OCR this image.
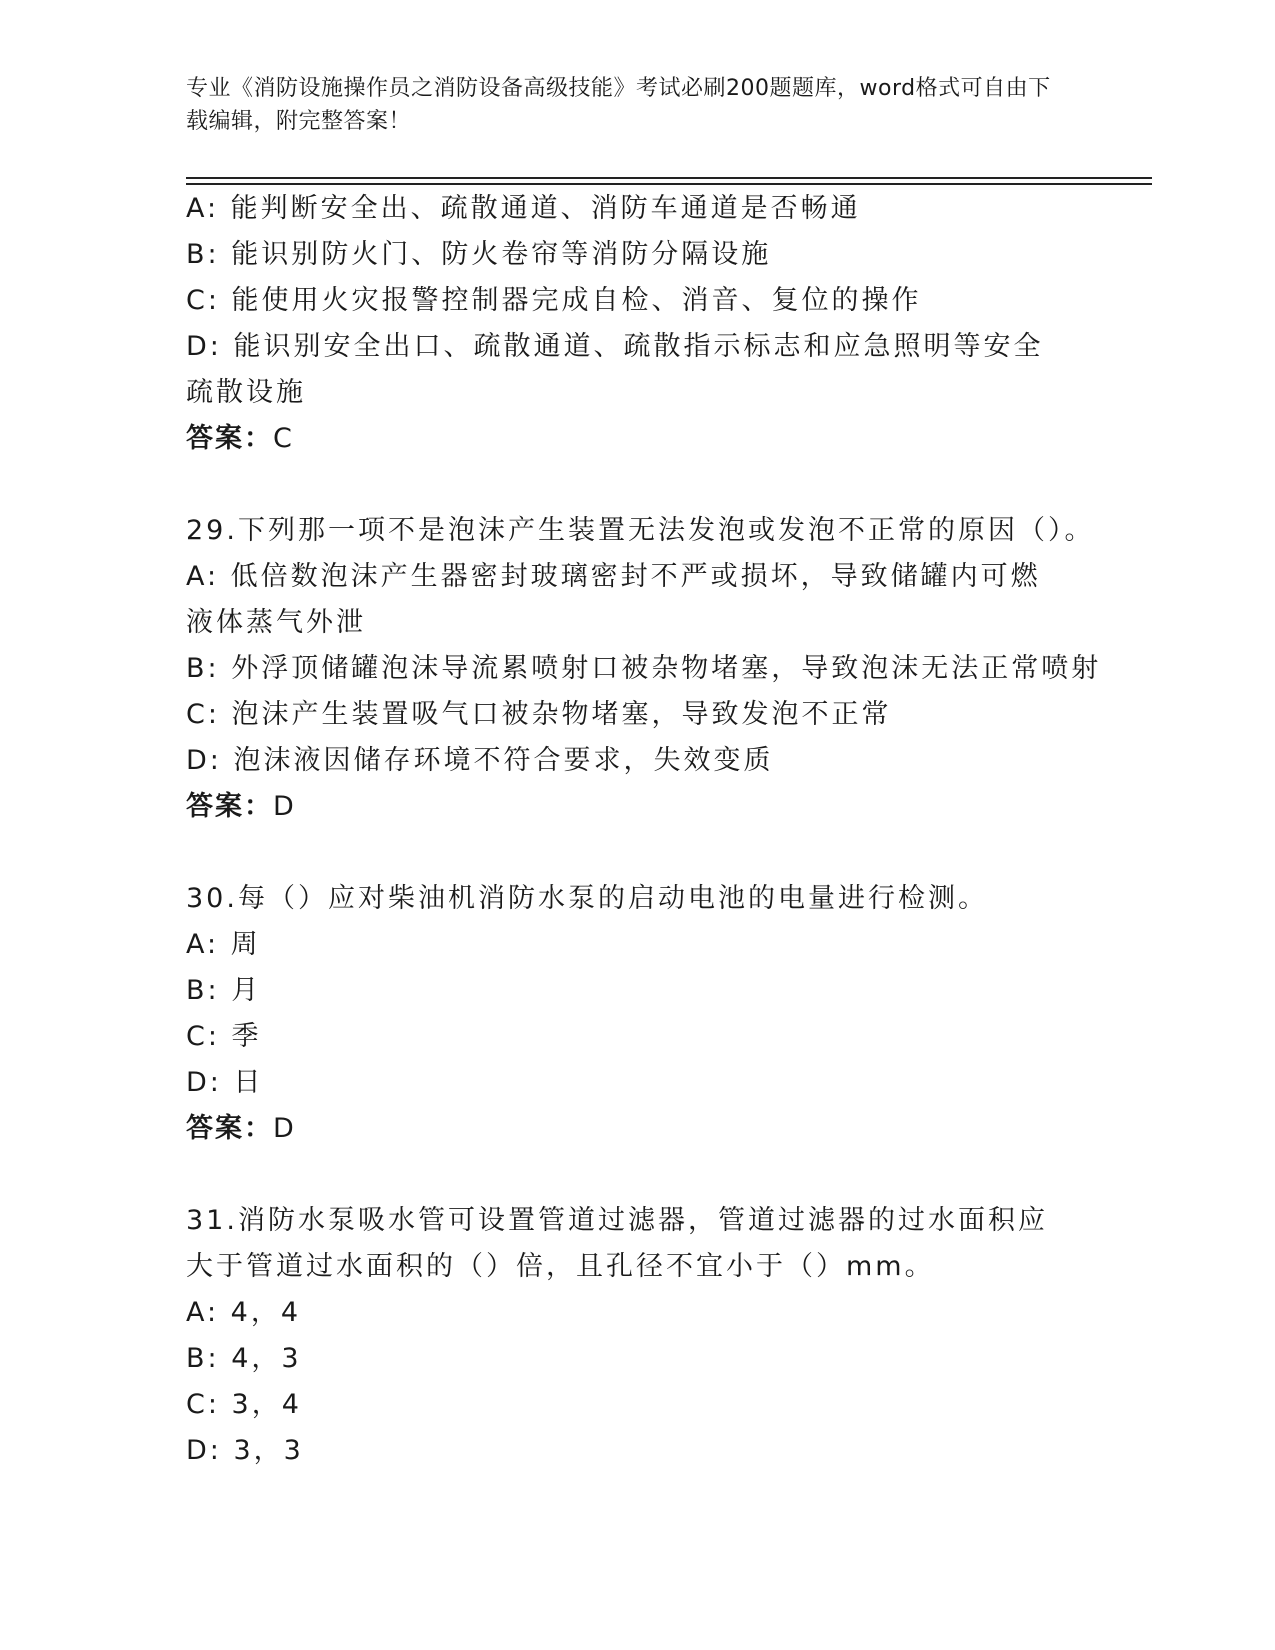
专业《消防设施操作员之消防设备高级技能》考试必刷200题题库，word格式可自由下载编辑，附完整答案！
A: 能判断安全出、疏散通道、消防车通道是否畅通
B: 能识别防火门、防火卷帘等消防分隔设施
C: 能使用火灾报警控制器完成自检、消音、复位的操作
D: 能识别安全出口、疏散通道、疏散指示标志和应急照明等安全疏散设施
答案：C
29.下列那一项不是泡沫产生装置无法发泡或发泡不正常的原因（）。
A: 低倍数泡沫产生器密封玻璃密封不严或损坏，导致储罐内可燃液体蒸气外泄
B: 外浮顶储罐泡沫导流累喷射口被杂物堵塞，导致泡沫无法正常喷射
C: 泡沫产生装置吸气口被杂物堵塞，导致发泡不正常
D: 泡沫液因储存环境不符合要求，失效变质
答案：D
30.每（）应对柴油机消防水泵的启动电池的电量进行检测。
A: 周
B: 月
C: 季
D: 日
答案：D
31.消防水泵吸水管可设置管道过滤器，管道过滤器的过水面积应大于管道过水面积的（）倍，且孔径不宜小于（）mm。
A: 4，4
B: 4，3
C: 3，4
D: 3，3
